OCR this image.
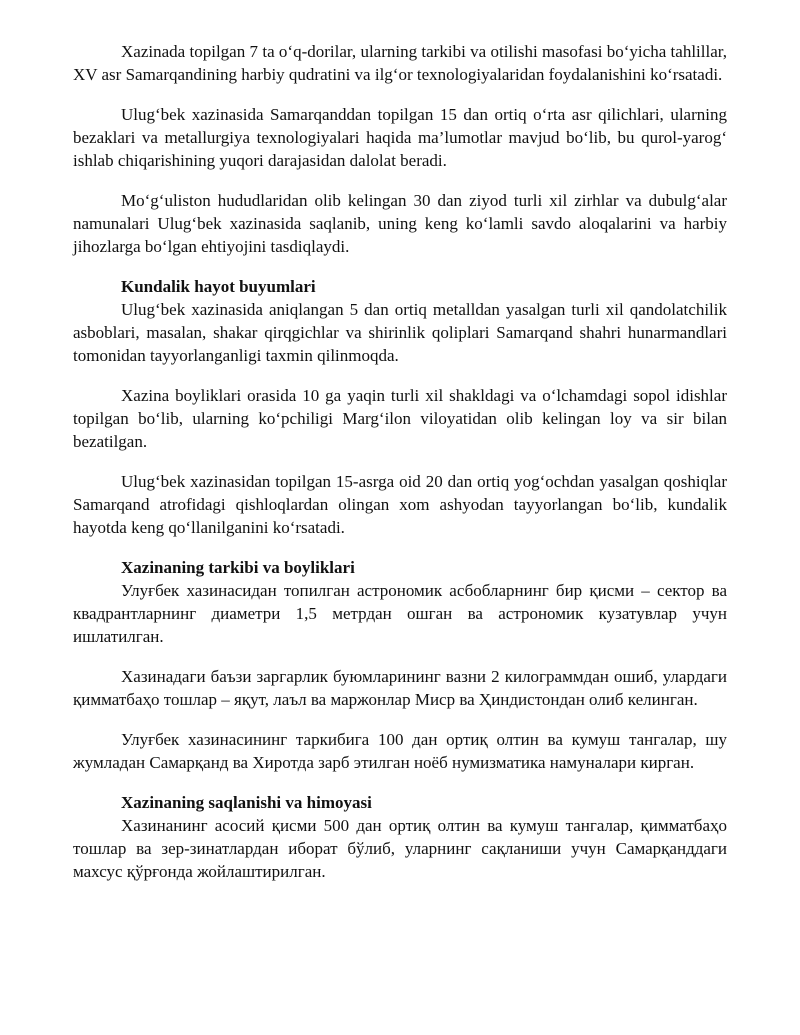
Xazinada topilgan 7 ta o‘q-dorilar, ularning tarkibi va otilishi masofasi bo‘yicha tahlillar, XV asr Samarqandining harbiy qudratini va ilg‘or texnologiyalaridan foydalanishini ko‘rsatadi.

Ulug‘bek xazinasida Samarqanddan topilgan 15 dan ortiq o‘rta asr qilichlari, ularning bezaklari va metallurgiya texnologiyalari haqida ma’lumotlar mavjud bo‘lib, bu qurol-yarog‘ ishlab chiqarishining yuqori darajasidan dalolat beradi.

Mo‘g‘uliston hududlaridan olib kelingan 30 dan ziyod turli xil zirhlar va dubulg‘alar namunalari Ulug‘bek xazinasida saqlanib, uning keng ko‘lamli savdo aloqalarini va harbiy jihozlarga bo‘lgan ehtiyojini tasdiqlaydi.

Kundalik hayot buyumlari

Ulug‘bek xazinasida aniqlangan 5 dan ortiq metalldan yasalgan turli xil qandolatchilik asboblari, masalan, shakar qirqgichlar va shirinlik qoliplari Samarqand shahri hunarmandlari tomonidan tayyorlanganligi taxmin qilinmoqda.

Xazina boyliklari orasida 10 ga yaqin turli xil shakldagi va o‘lchamdagi sopol idishlar topilgan bo‘lib, ularning ko‘pchiligi Marg‘ilon viloyatidan olib kelingan loy va sir bilan bezatilgan.

Ulug‘bek xazinasidan topilgan 15-asrga oid 20 dan ortiq yog‘ochdan yasalgan qoshiqlar Samarqand atrofidagi qishloqlardan olingan xom ashyodan tayyorlangan bo‘lib, kundalik hayotda keng qo‘llanilganini ko‘rsatadi.

Xazinaning tarkibi va boyliklari

Улуғбек хазинасидан топилган астрономик асбобларнинг бир қисми – сектор ва квадрантларнинг диаметри 1,5 метрдан ошган ва астрономик кузатувлар учун ишлатилган.

Хазинадаги баъзи заргарлик буюмларининг вазни 2 килограммдан ошиб, улардаги қимматбаҳо тошлар – яқут, лаъл ва маржонлар Миср ва Ҳиндистондан олиб келинган.

Улуғбек хазинасининг таркибига 100 дан ортиқ олтин ва кумуш тангалар, шу жумладан Самарқанд ва Хиротда зарб этилган ноёб нумизматика намуналари кирган.

Xazinaning saqlanishi va himoyasi

Хазинанинг асосий қисми 500 дан ортиқ олтин ва кумуш тангалар, қимматбаҳо тошлар ва зер-зинатлардан иборат бўлиб, уларнинг сақланиши учун Самарқанддаги махсус қўрғонда жойлаштирилган.
